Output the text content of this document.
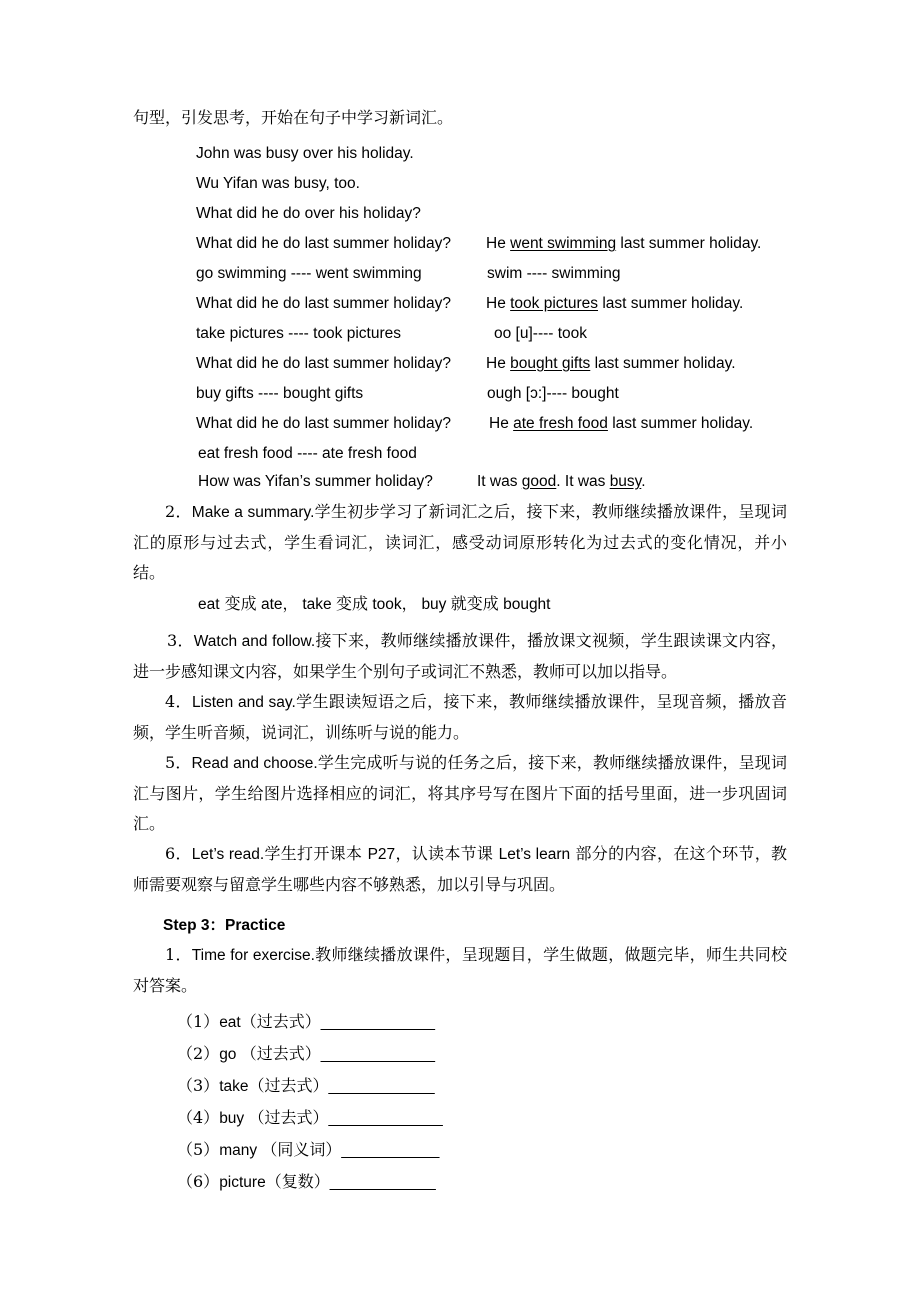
句型，引发思考，开始在句子中学习新词汇。
John was busy over his holiday.
Wu Yifan was busy, too.
What did he do over his holiday?
What did he do last summer holiday? He went swimming last summer holiday.
go swimming ---- went swimming	swim ---- swimming
What did he do last summer holiday? He took pictures last summer holiday.
take pictures ---- took pictures	oo [u]---- took
What did he do last summer holiday? He bought gifts last summer holiday.
buy gifts ---- bought gifts	ough [ɔ:]---- bought
What did he do last summer holiday? He ate fresh food last summer holiday.
eat fresh food ---- ate fresh food
How was Yifan’s summer holiday?	It was good. It was busy.
2．Make a summary.学生初步学习了新词汇之后，接下来，教师继续播放课件，呈现词汇的原形与过去式，学生看词汇，读词汇，感受动词原形转化为过去式的变化情况，并小结。
eat 变成 ate， take 变成 took， buy 就变成 bought
3．Watch and follow.接下来，教师继续播放课件，播放课文视频，学生跟读课文内容，进一步感知课文内容，如果学生个别句子或词汇不熟悉，教师可以加以指导。
4．Listen and say.学生跟读短语之后，接下来，教师继续播放课件，呈现音频，播放音频，学生听音频，说词汇，训练听与说的能力。
5．Read and choose.学生完成听与说的任务之后，接下来，教师继续播放课件，呈现词汇与图片，学生给图片选择相应的词汇，将其序号写在图片下面的括号里面，进一步巩固词汇。
6．Let’s read.学生打开课本 P27，认读本节课 Let’s learn 部分的内容，在这个环节，教师需要观察与留意学生哪些内容不够熟悉，加以引导与巩固。
Step 3：Practice
1．Time for exercise.教师继续播放课件，呈现题目，学生做题，做题完毕，师生共同校对答案。
（1）eat（过去式）______________
（2）go （过去式）______________
（3）take（过去式）_____________
（4）buy （过去式）______________
（5）many （同义词）____________
（6）picture（复数）_____________
